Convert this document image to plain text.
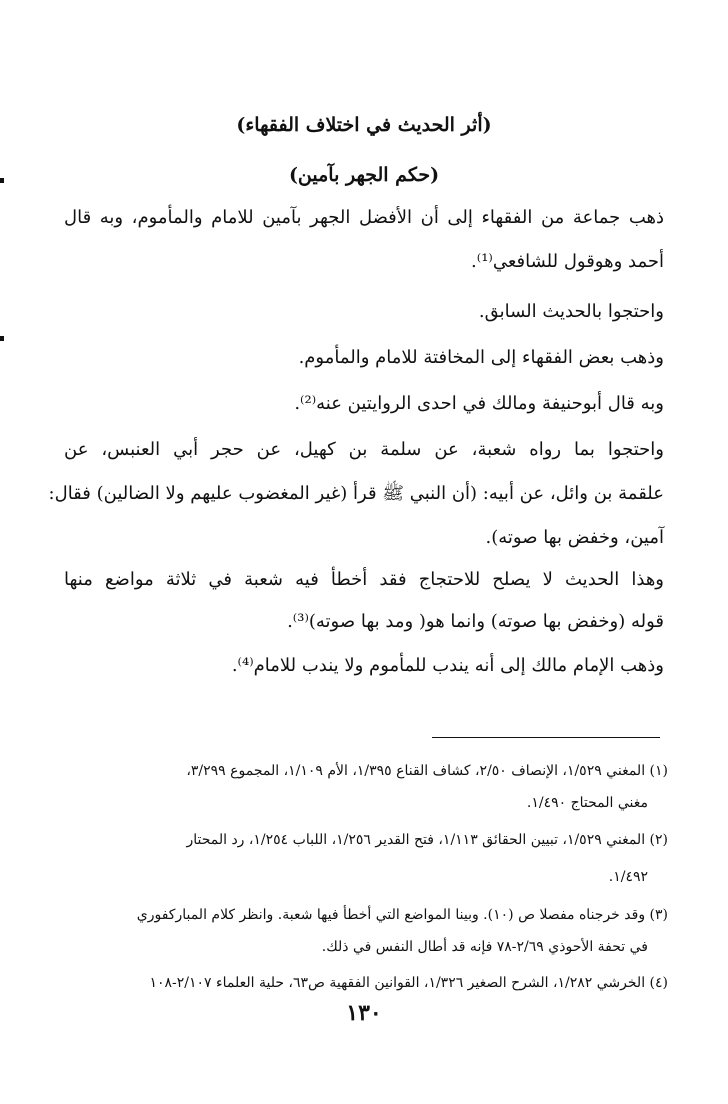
(أثر الحديث في اختلاف الفقهاء)
(حكم الجهر بآمين)
ذهب جماعة من الفقهاء إلى أن الأفضل الجهر بآمين للامام والمأموم، وبه قال
أحمد وهوقول للشافعي⁽¹⁾.
واحتجوا بالحديث السابق.
وذهب بعض الفقهاء إلى المخافتة للامام والمأموم.
وبه قال أبوحنيفة ومالك في احدى الروايتين عنه⁽²⁾.
واحتجوا بما رواه شعبة، عن سلمة بن كهيل، عن حجر أبي العنبس، عن
علقمة بن وائل، عن أبيه: (أن النبي ﷺ قرأ (غير المغضوب عليهم ولا الضالين) فقال:
آمين، وخفض بها صوته).
وهذا الحديث لا يصلح للاحتجاج فقد أخطأ فيه شعبة في ثلاثة مواضع منها
قوله (وخفض بها صوته) وانما هو( ومد بها صوته)⁽³⁾.
وذهب الإمام مالك إلى أنه يندب للمأموم ولا يندب للامام⁽⁴⁾.
(١) المغني ١/٥٢٩، الإنصاف ٢/٥٠، كشاف القناع ١/٣٩٥، الأم ١/١٠٩، المجموع ٣/٢٩٩،
مغني المحتاج ١/٤٩٠.
(٢) المغني ١/٥٢٩، تبيين الحقائق ١/١١٣، فتح القدير ١/٢٥٦، اللباب ١/٢٥٤، رد المحتار
١/٤٩٢.
(٣) وقد خرجناه مفصلا ص (١٠). وبينا المواضع التي أخطأ فيها شعبة. وانظر كلام المباركفوري
في تحفة الأحوذي ٢/٦٩-٧٨ فإنه قد أطال النفس في ذلك.
(٤) الخرشي ١/٢٨٢، الشرح الصغير ١/٣٢٦، القوانين الفقهية ص٦٣، حلية العلماء ٢/١٠٧-١٠٨
١٣٠
